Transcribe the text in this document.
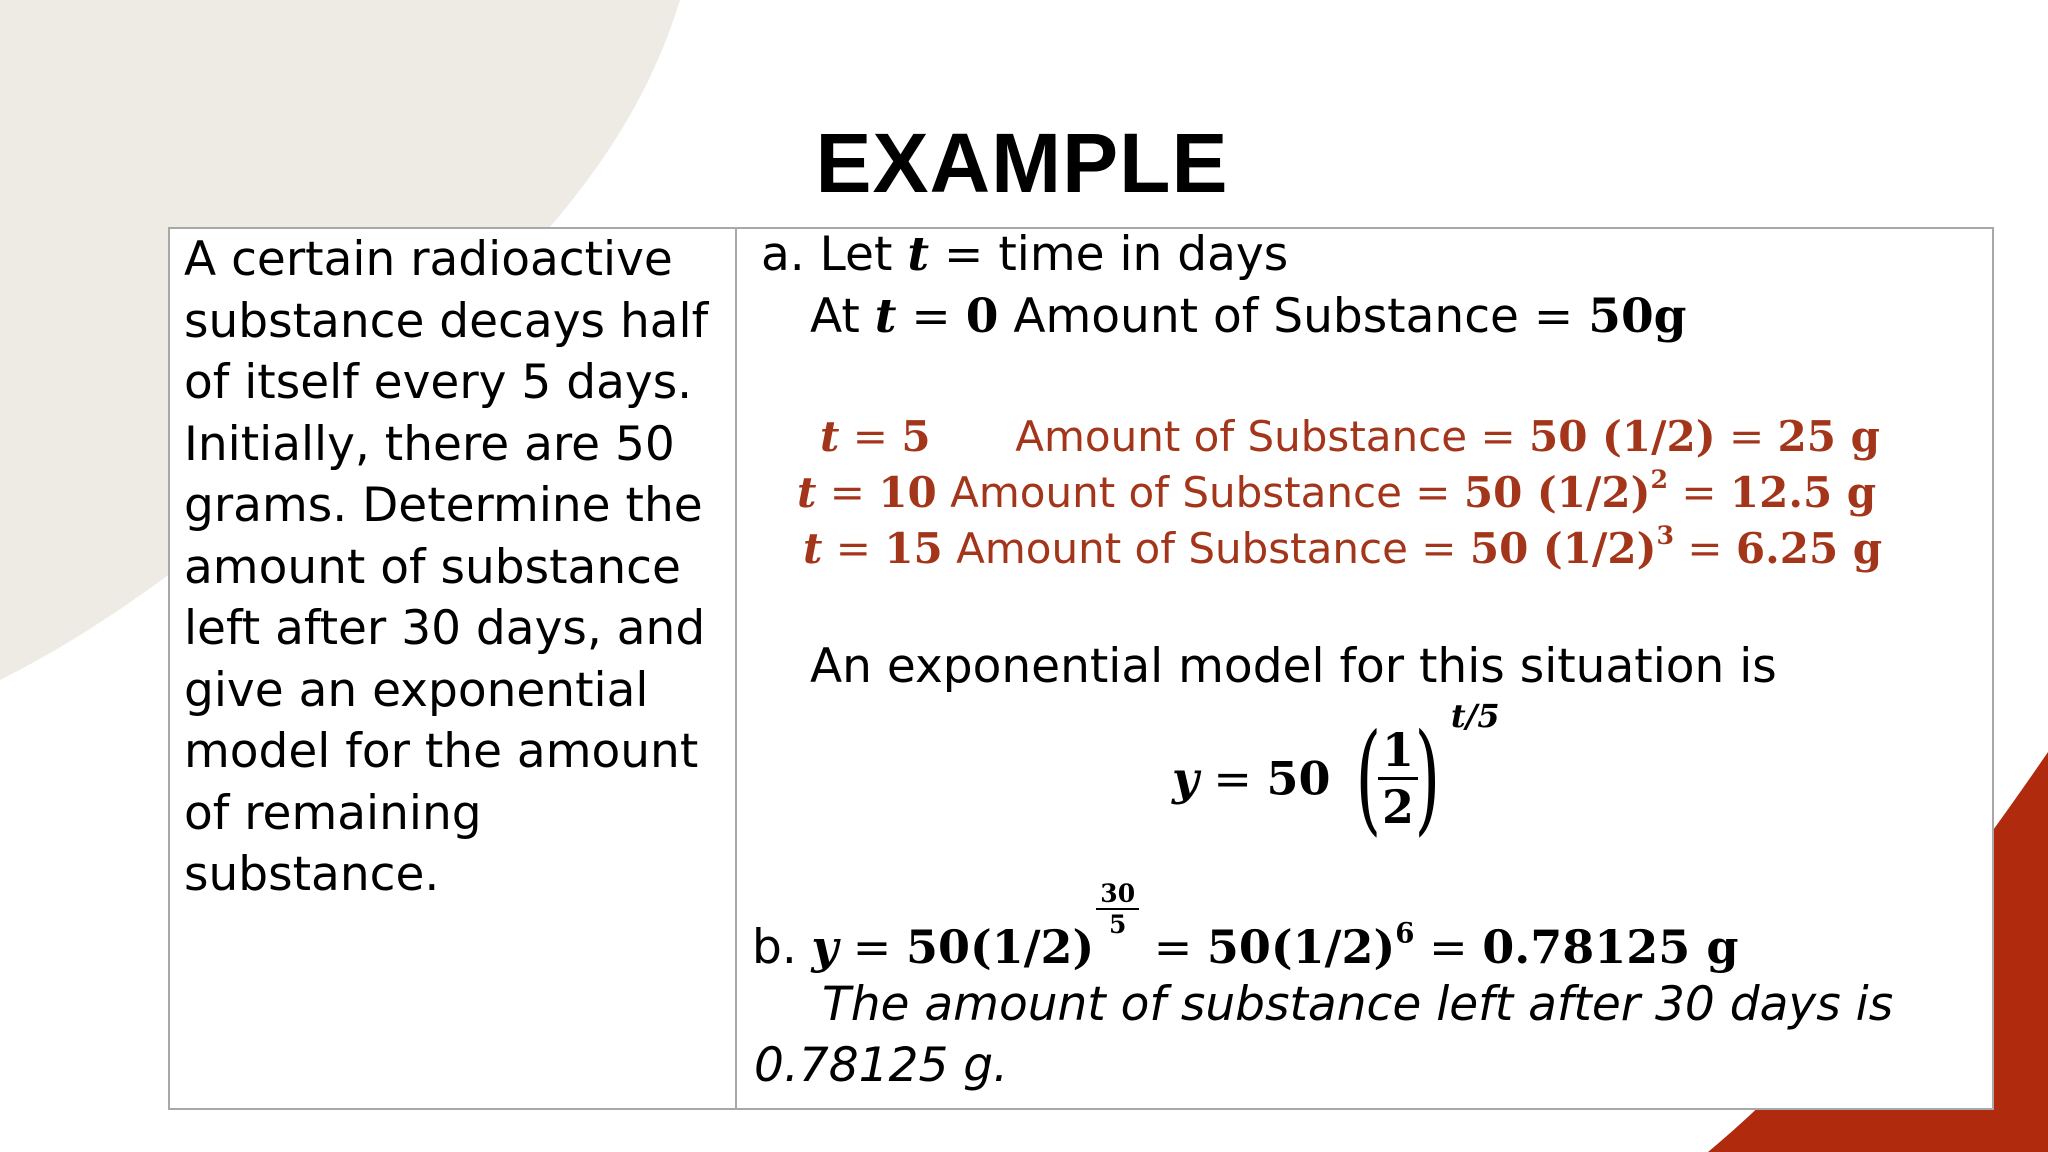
EXAMPLE

A certain radioactive substance decays half of itself every 5 days. Initially, there are 50 grams. Determine the amount of substance left after 30 days, and give an exponential model for the amount of remaining substance.

a. Let t = time in days
At t = 0 Amount of Substance = 50g
t = 5 Amount of Substance = 50 (1/2) = 25 g
t = 10 Amount of Substance = 50 $(1/2)^2 = 12.5$ g
t = 15 Amount of Substance = 50 $(1/2)^3 = 6.25$ g
An exponential model for this situation is
y = 50 (
$\frac{1}{2}$
) $^{t/5}$
b. y = 50(1/2)
$\frac{30}{5}$
= $50(1/2)^6 = 0.78125$ g

The amount of substance left after 30 days is 0.78125 g.
